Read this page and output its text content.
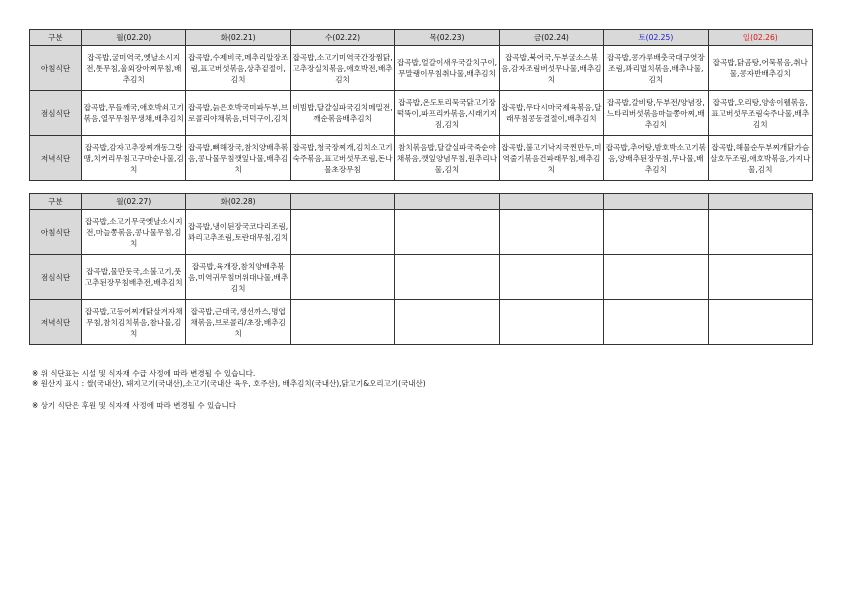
구분	월(02.20)	화(02.21)	수(02.22)	목(02.23)	금(02.24)	토(02.25)	일(02.26)
아침식단	잡곡밥,굴미역국,옛날소시지전,톳무침,울외장아찌무침,배추김치	잡곡밥,수제비국,메추리알장조림,표고버섯볶음,상추겉절이,김치	잡곡밥,소고기미역국간장찜닭,고추장실치볶음,애호박전,배추김치	잡곡밥,얼갈이새우국갈치구이,무말랭이무침취나물,배추김치	잡곡밥,북어국,두부굴소스볶음,감자조림버섯무나물,배추김치	잡곡밥,콩가루배춧국대구엿장조림,꽈리멸치볶음,배추나물,김치	잡곡밥,닭곰탕,어묵볶음,취나물,콩자반배추김치
점심식단	잡곡밥,무들깨국,애호박쇠고기볶음,열무무침무생채,배추김치	잡곡밥,늙은호박국미파두부,브로콜리야채볶음,더덕구이,김치	비빔밥,달걀실파국김치메밀전,깨순볶음배추김치	잡곡밥,온도토리묵국닭고기장떡뚝이,파프리카볶음,시래기지짐,김치	잡곡밥,무다시마국제육볶음,달래무침콩동결절이,배추김치	잡곡밥,갈비탕,두부전/양념장,느타리버섯볶음마늘쫑아찌,배추김치	잡곡밥,오리탕,양송이웰볶음,표고버섯무조림숙주나물,배추김치
저녁식단	잡곡밥,감자고추장찌개동그랑땡,치커리무침고구마순나물,김치	잡곡밥,뼈해장국,참치양배추볶음,콩나물무침깻잎나물,배추김치	잡곡밥,청국장찌개,김치소고기숙주볶음,표고버섯무조림,돈나물초장무침	참치볶음밥,달걀실파국죽순야채볶음,깻잎양념무침,원추리나물,김치	잡곡밥,불고기낙지국찐만두,미역줄기볶음건파래무침,배추김치	잡곡밥,추어탕,밤호박소고기볶음,양배추된장무침,무나물,배추김치	잡곡밥,해물순두부찌개닭가슴살호두조림,애호박볶음,가지나물,김치
구분	월(02.27)	화(02.28)					
아침식단	잡곡밥,소고기무국옛날소시지전,마늘쫑볶음,콩나물무침,김치	잡곡밥,냉이된장국코다리조림,꽈리고추조림,토란대무침,김치					
점심식단	잡곡밥,물만둣국,소불고기,풋고추된장무침배추전,배추김치	잡곡밥,육개장,참치양배추볶음,미역귀무침머위대나물,배추김치					
저녁식단	잡곡밥,고등어찌개닭살겨자채무침,참치김치볶음,참나물,김치	잡곡밥,근대국,생선까스,명엽채볶음,브로콜리/초장,배추김치					
※ 위 식단표는 시설 및 식자재 수급 사정에 따라 변경될 수 있습니다.
※ 원산지 표시 : 쌀(국내산), 돼지고기(국내산),소고기(국내산 육우, 호주산), 배추김치(국내산),닭고기&오리고기(국내산)
※ 상기 식단은 후원 및 식자재 사정에 따라 변경될 수 있습니다
